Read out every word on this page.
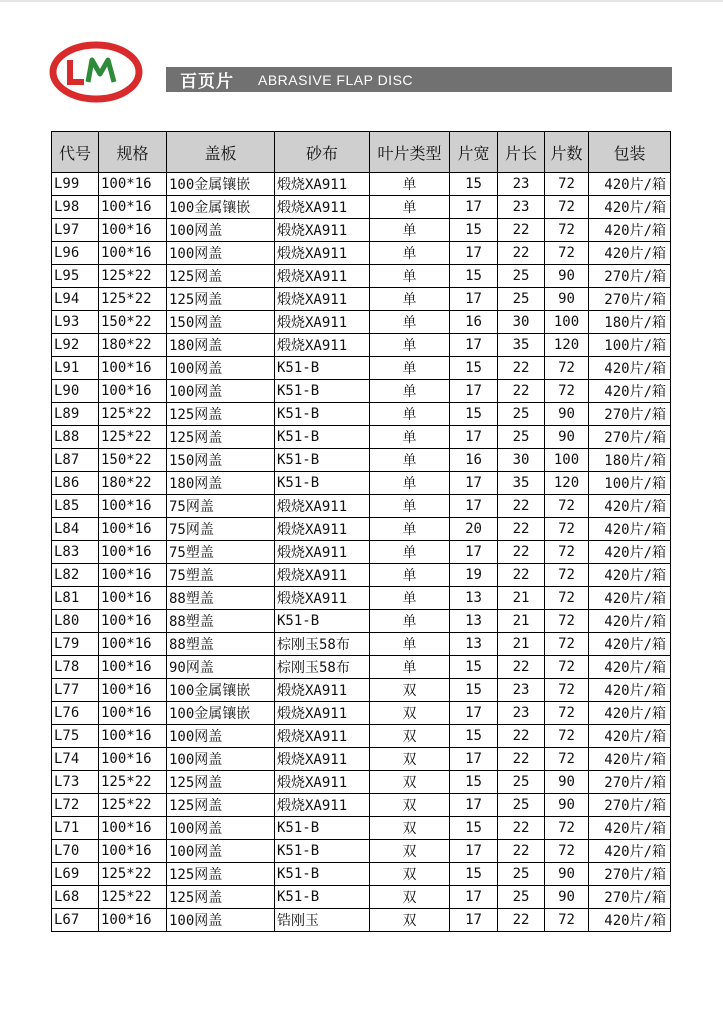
百页片 ABRASIVE FLAP DISC
代号	规格	盖板	砂布	叶片类型	片宽	片长	片数	包装
L99	100*16	100金属镶嵌	煅烧XA911	单	15	23	72	420片/箱
L98	100*16	100金属镶嵌	煅烧XA911	单	17	23	72	420片/箱
L97	100*16	100网盖	煅烧XA911	单	15	22	72	420片/箱
L96	100*16	100网盖	煅烧XA911	单	17	22	72	420片/箱
L95	125*22	125网盖	煅烧XA911	单	15	25	90	270片/箱
L94	125*22	125网盖	煅烧XA911	单	17	25	90	270片/箱
L93	150*22	150网盖	煅烧XA911	单	16	30	100	180片/箱
L92	180*22	180网盖	煅烧XA911	单	17	35	120	100片/箱
L91	100*16	100网盖	K51-B	单	15	22	72	420片/箱
L90	100*16	100网盖	K51-B	单	17	22	72	420片/箱
L89	125*22	125网盖	K51-B	单	15	25	90	270片/箱
L88	125*22	125网盖	K51-B	单	17	25	90	270片/箱
L87	150*22	150网盖	K51-B	单	16	30	100	180片/箱
L86	180*22	180网盖	K51-B	单	17	35	120	100片/箱
L85	100*16	75网盖	煅烧XA911	单	17	22	72	420片/箱
L84	100*16	75网盖	煅烧XA911	单	20	22	72	420片/箱
L83	100*16	75塑盖	煅烧XA911	单	17	22	72	420片/箱
L82	100*16	75塑盖	煅烧XA911	单	19	22	72	420片/箱
L81	100*16	88塑盖	煅烧XA911	单	13	21	72	420片/箱
L80	100*16	88塑盖	K51-B	单	13	21	72	420片/箱
L79	100*16	88塑盖	棕刚玉58布	单	13	21	72	420片/箱
L78	100*16	90网盖	棕刚玉58布	单	15	22	72	420片/箱
L77	100*16	100金属镶嵌	煅烧XA911	双	15	23	72	420片/箱
L76	100*16	100金属镶嵌	煅烧XA911	双	17	23	72	420片/箱
L75	100*16	100网盖	煅烧XA911	双	15	22	72	420片/箱
L74	100*16	100网盖	煅烧XA911	双	17	22	72	420片/箱
L73	125*22	125网盖	煅烧XA911	双	15	25	90	270片/箱
L72	125*22	125网盖	煅烧XA911	双	17	25	90	270片/箱
L71	100*16	100网盖	K51-B	双	15	22	72	420片/箱
L70	100*16	100网盖	K51-B	双	17	22	72	420片/箱
L69	125*22	125网盖	K51-B	双	15	25	90	270片/箱
L68	125*22	125网盖	K51-B	双	17	25	90	270片/箱
L67	100*16	100网盖	锆刚玉	双	17	22	72	420片/箱
